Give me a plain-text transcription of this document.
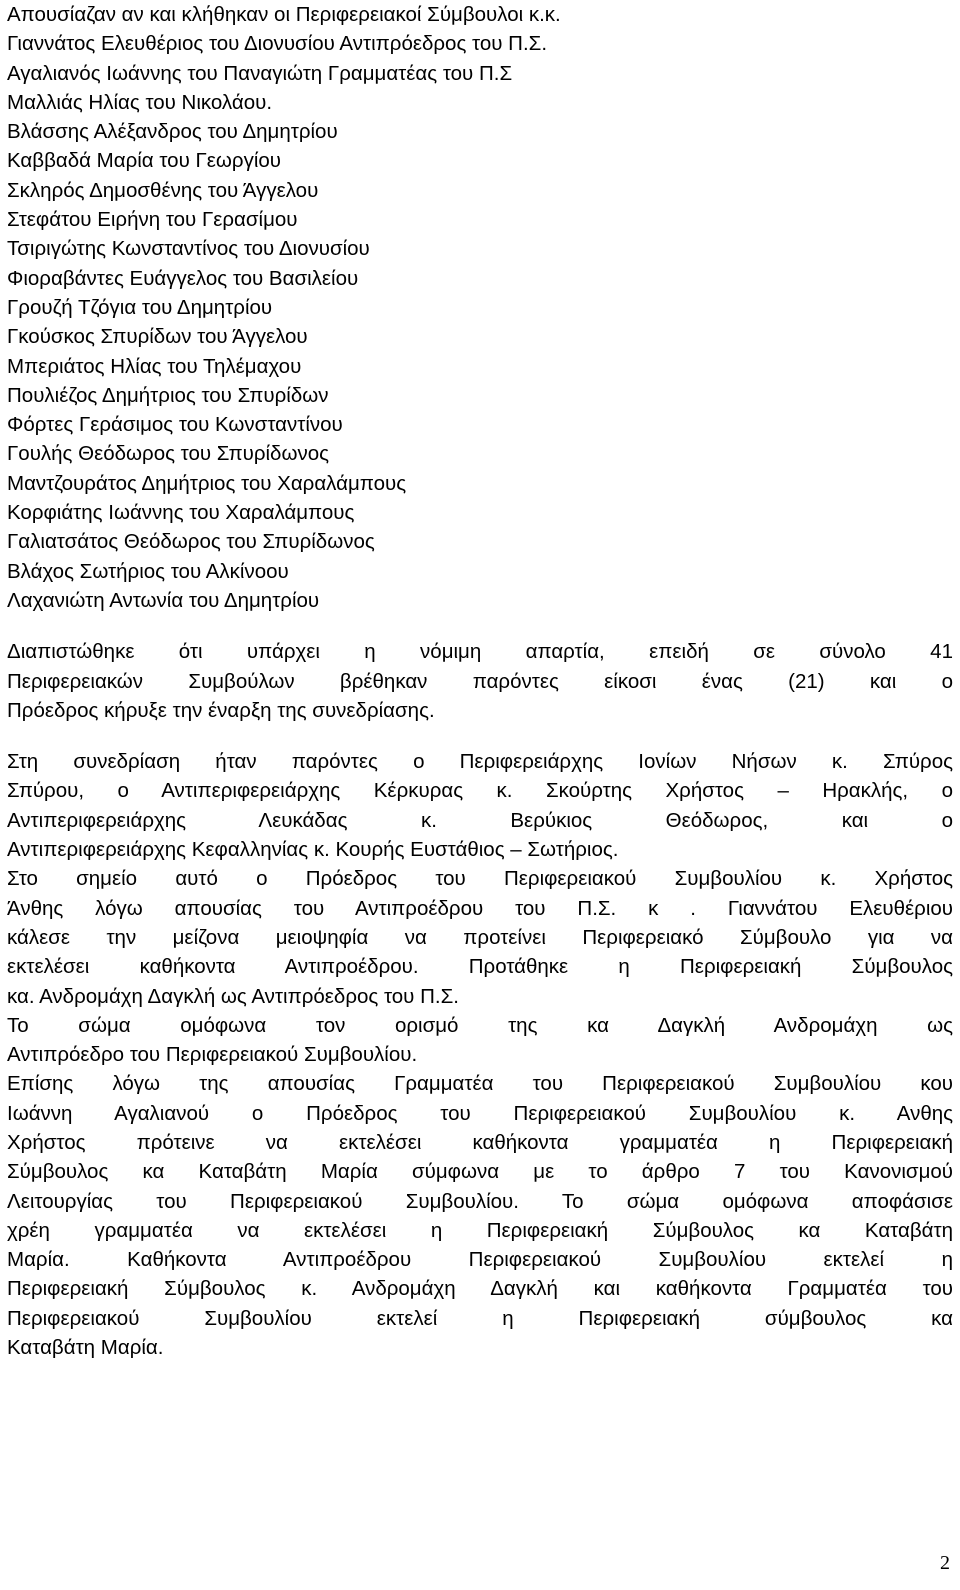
Απουσίαζαν αν και κλήθηκαν οι Περιφερειακοί Σύμβουλοι κ.κ.

Γιαννάτος Ελευθέριος του Διονυσίου Αντιπρόεδρος του Π.Σ.

Αγαλιανός Ιωάννης του Παναγιώτη Γραμματέας του Π.Σ

Μαλλιάς Ηλίας του Νικολάου.

Βλάσσης Αλέξανδρος του Δημητρίου

Καββαδά Μαρία του Γεωργίου

Σκληρός Δημοσθένης του Άγγελου

Στεφάτου Ειρήνη του Γερασίμου

Τσιριγώτης Κωνσταντίνος του Διονυσίου

Φιοραβάντες Ευάγγελος του Βασιλείου

Γρουζή Τζόγια του Δημητρίου

Γκούσκος Σπυρίδων του Άγγελου

Μπεριάτος Ηλίας του Τηλέμαχου

Πουλιέζος Δημήτριος του Σπυρίδων

Φόρτες Γεράσιμος του Κωνσταντίνου

Γουλής Θεόδωρος του Σπυρίδωνος

Μαντζουράτος Δημήτριος του Χαραλάμπους

Κορφιάτης Ιωάννης του Χαραλάμπους

Γαλιατσάτος Θεόδωρος του Σπυρίδωνος

Βλάχος Σωτήριος του Αλκίνοου

Λαχανιώτη Αντωνία του Δημητρίου

Διαπιστώθηκε ότι υπάρχει η νόμιμη απαρτία, επειδή σε σύνολο 41

Περιφερειακών Συμβούλων βρέθηκαν παρόντες είκοσι ένας (21) και ο

Πρόεδρος κήρυξε την έναρξη της συνεδρίασης.

Στη συνεδρίαση ήταν παρόντες ο Περιφερειάρχης Ιονίων Νήσων κ. Σπύρος

Σπύρου, ο Αντιπεριφερειάρχης Κέρκυρας κ. Σκούρτης Χρήστος – Ηρακλής, ο

Αντιπεριφερειάρχης Λευκάδας κ. Βερύκιος Θεόδωρος, και ο

Αντιπεριφερειάρχης Κεφαλληνίας κ. Κουρής Ευστάθιος – Σωτήριος.

Στο σημείο αυτό ο Πρόεδρος του Περιφερειακού Συμβουλίου κ. Χρήστος

Άνθης λόγω απουσίας του Αντιπροέδρου του Π.Σ. κ . Γιαννάτου Ελευθέριου

κάλεσε την μείζονα μειοψηφία να προτείνει Περιφερειακό Σύμβουλο για να

εκτελέσει καθήκοντα Αντιπροέδρου. Προτάθηκε η Περιφερειακή Σύμβουλος

κα. Ανδρομάχη Δαγκλή ως Αντιπρόεδρος του Π.Σ.

Το σώμα ομόφωνα τον ορισμό της κα Δαγκλή Ανδρομάχη ως

Αντιπρόεδρο του Περιφερειακού Συμβουλίου.

Επίσης λόγω της απουσίας Γραμματέα του Περιφερειακού Συμβουλίου κου

Ιωάννη Αγαλιανού ο Πρόεδρος του Περιφερειακού Συμβουλίου κ. Ανθης

Χρήστος πρότεινε να εκτελέσει καθήκοντα γραμματέα η Περιφερειακή

Σύμβουλος κα Καταβάτη Μαρία σύμφωνα με το άρθρο 7 του Κανονισμού

Λειτουργίας του Περιφερειακού Συμβουλίου. Το σώμα ομόφωνα αποφάσισε

χρέη γραμματέα να εκτελέσει η Περιφερειακή Σύμβουλος κα Καταβάτη

Μαρία. Καθήκοντα Αντιπροέδρου Περιφερειακού Συμβουλίου εκτελεί η

Περιφερειακή Σύμβουλος κ. Ανδρομάχη Δαγκλή και καθήκοντα Γραμματέα του

Περιφερειακού Συμβουλίου εκτελεί η Περιφερειακή σύμβουλος κα

Καταβάτη Μαρία.

2
